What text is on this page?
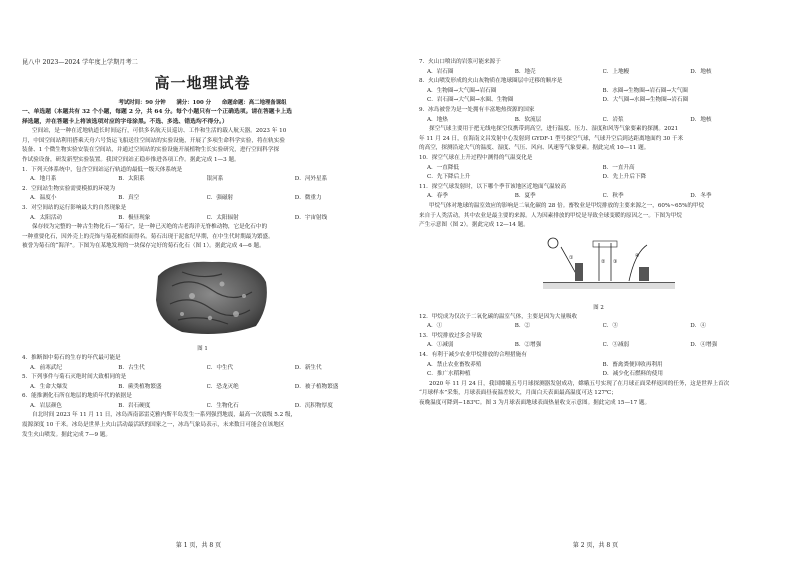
昆八中 2023—2024 学年度上学期月考二
高一地理试卷
考试时间：90 分钟　　满分：100 分　　命题命题：高二地理备课组
一、单选题（本题共有 32 个小题，每题 2 分，共 64 分。每个小题只有一个正确选项。请在答题卡上选
择选题，并在答题卡上将该选项对应的字母涂黑。不选、多选、错选均不得分。）
空间站，是一种在近地轨道长时间运行，可供多名航天员巡访、工作和生活的载人航天器。2023 年 10
月，中国空间站利用搭乘天舟六号货运飞船送往空间站的实验设施，开展了多项生命科学实验，将在轨实验
装备、1 个微生物实验安装在空间站，并通过空间站的实验设施开展植物生长实验研究，进行空间科学探
作试验设备，研发新型实验装置。我国空间站正稳步推进各项工作。据此完成 1—3 题。
1．下列天体系统中，包含空间站运行轨道的最低一级天体系统是
A．地月系	B．太阳系	银河系	D．河外星系
2．空间站生物实验需要模拟的环境为
A．温度小	B．真空	C．强磁射	D．微重力
3．对空间站的运行影响最大的自然现象是
A．太阳活动	B．极昼现象	C．太阳辐射	D．宇宙射线
保存较为完整的一种古生物化石—“菊石”，是一种已灭绝的古老海洋无脊椎动物，它是化石中的
一种重要化石，因外壳上的壳饰与菊花相似而得名。菊石出现于泥盆纪早期，在中生代时期最为繁盛。
被誉为菊石的“海洋”。下图为在某地发现的一块保存完好的菊石化石（图 1）。据此完成 4—6 题。
图 1
4．推断图中菊石的生存的年代最可能是
A．前寒武纪	B．古生代	C．中生代	D．新生代
5．下列事件与菊石灭绝时间大致相同的是
A．生命大爆发	B．蕨类植物繁盛	C．恐龙灭绝	D．被子植物繁盛
6．能推测化石所在地层的地质年代的依据是
A．岩层颜色	B．岩石硬度	C．生物化石	D．沉积物厚度
自北时间 2023 年 11 月 11 日，冰岛西南部雷克雅内斯半岛发生一系列强烈地震，最高一次震级 5.2 级，
震源深度 10 千米。冰岛是世界上火山活动最活跃的国家之一，冰岛气象局表示，未来数日可能会在该地区
发生火山喷发。据此完成 7—9 题。
第 1 页，共 8 页
7．火山口喷出的岩浆可能来源于
A．岩石圈	B．地壳	C．上地幔	D．地核
8．火山喷发形成的火山灰物质在地球圈层中迁移的顺序是
A．生物圈→大气圈→岩石圈	B．水圈→生物圈→岩石圈→大气圈
C．岩石圈→大气圈→水圈、生物圈	D．大气圈→水圈→生物圈→岩石圈
9．冰岛被誉为是一处拥有丰富地热资源的国家
A．地热	B．软流层	C．岩浆	D．地核
探空气球主要用于把无线电探空仪携带到高空，进行温度、压力、湿度和风等气象要素的探测。2021
年 11 月 24 日，在海南文昌发射中心发射到 GYDF-1 型号探空气球，气球升空后到达距离地面约 30 千米
的高空，探测沿途大气的温度、湿度、气压、风向、风速等气象要素。据此完成 10—11 题。
10．探空气球在上升过程中测得的气温变化是
A．一直降低	B．一直升高
C．先下降后上升	D．先上升后下降
11．探空气球发射时，以下哪个季节该地区近地面气温较高
A．春季	B．夏季	C．秋季	D．冬季
甲烷气体对地球的温室效应的影响是二氧化碳的 28 倍。畜牧业是甲烷排放的主要来源之一，60%~65%的甲烷
来自于人类活动，其中农业是最主要的来源。人为因素排放的甲烷是导致全球变暖的原因之一。下图为甲烷
产生示意图（图 2）。据此完成 12—14 题。
①
② ③
④
图 2
12．甲烷成为仅次于二氧化碳的温室气体，主要是因为大量吸收
A．①	B．②	C．③	D．④
13．甲烷排放过多会导致
A．①减弱	B．②增强	C．③减弱	D．④增强
14．有利于减少农业甲烷排放的合理措施有
A．禁止农业畜牧养殖	B．畜禽粪便回收再利用
C．推广水稻种植	D．减少化石燃料的使用
2020 年 11 月 24 日，我国嫦娥五号月球探测器发射成功，嫦娥五号实现了在月球正面采样返回的任务，这是世界上首次
“月球样本”采集，月球表面昼夜温差较大，月面白天表面最高温度可达 127℃；
夜晚温度可降到−183℃。图 3 为月球表面地球表面热量收支示意图。据此完成 15—17 题。
第 2 页，共 8 页
